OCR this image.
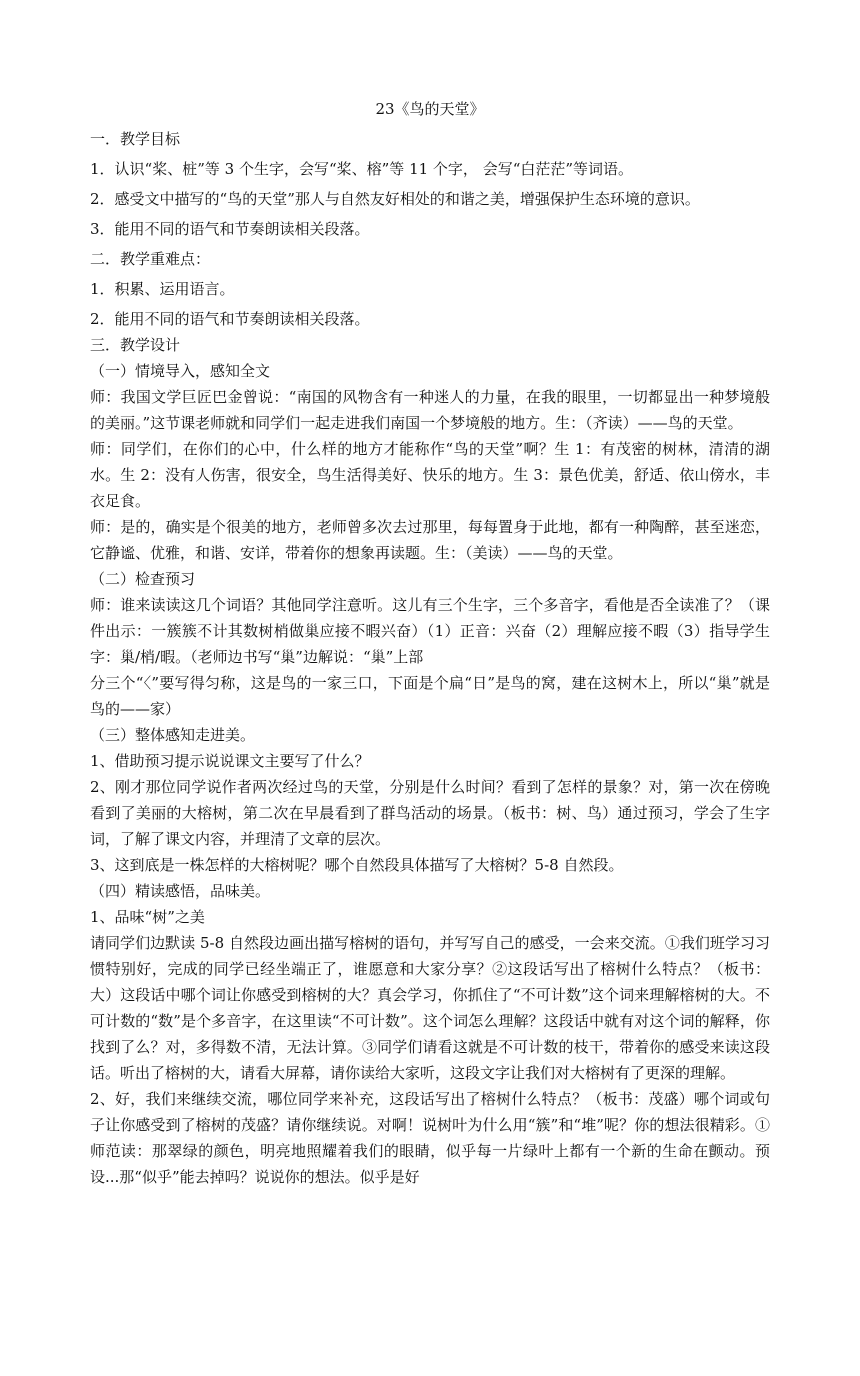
23《鸟的天堂》

一．教学目标

1．认识“桨、桩”等 3 个生字，会写“桨、榕”等 11 个字， 会写“白茫茫”等词语。

2．感受文中描写的“鸟的天堂”那人与自然友好相处的和谐之美，增强保护生态环境的意识。

3．能用不同的语气和节奏朗读相关段落。

二．教学重难点：

1．积累、运用语言。

2．能用不同的语气和节奏朗读相关段落。

三．教学设计

（一）情境导入，感知全文

师：我国文学巨匠巴金曾说：“南国的风物含有一种迷人的力量，在我的眼里，一切都显出一种梦境般的美丽。”这节课老师就和同学们一起走进我们南国一个梦境般的地方。生：（齐读）——鸟的天堂。

师：同学们，在你们的心中，什么样的地方才能称作“鸟的天堂”啊？生 1：有茂密的树林，清清的湖水。生 2：没有人伤害，很安全，鸟生活得美好、快乐的地方。生 3：景色优美，舒适、依山傍水，丰衣足食。

师：是的，确实是个很美的地方，老师曾多次去过那里，每每置身于此地，都有一种陶醉，甚至迷恋，它静谧、优雅，和谐、安详，带着你的想象再读题。生：（美读）——鸟的天堂。

（二）检查预习

师：谁来读读这几个词语？其他同学注意听。这儿有三个生字，三个多音字，看他是否全读准了？（课件出示：一簇簇不计其数树梢做巢应接不暇兴奋）（1）正音：兴奋（2）理解应接不暇（3）指导学生字：巢/梢/暇。（老师边书写“巢”边解说：“巢”上部

分三个“〈”要写得匀称，这是鸟的一家三口，下面是个扁“日”是鸟的窝，建在这树木上，所以“巢”就是鸟的——家）

（三）整体感知走进美。

1、借助预习提示说说课文主要写了什么？

2、刚才那位同学说作者两次经过鸟的天堂，分别是什么时间？看到了怎样的景象？对，第一次在傍晚看到了美丽的大榕树，第二次在早晨看到了群鸟活动的场景。（板书：树、鸟）通过预习，学会了生字词，了解了课文内容，并理清了文章的层次。

3、这到底是一株怎样的大榕树呢？哪个自然段具体描写了大榕树？5-8 自然段。

（四）精读感悟，品味美。

1、品味“树”之美

请同学们边默读 5-8 自然段边画出描写榕树的语句，并写写自己的感受，一会来交流。①我们班学习习惯特别好，完成的同学已经坐端正了，谁愿意和大家分享？②这段话写出了榕树什么特点？（板书：大）这段话中哪个词让你感受到榕树的大？真会学习，你抓住了“不可计数”这个词来理解榕树的大。不可计数的“数”是个多音字，在这里读“不可计数”。这个词怎么理解？这段话中就有对这个词的解释，你找到了么？对，多得数不清，无法计算。③同学们请看这就是不可计数的枝干，带着你的感受来读这段话。听出了榕树的大，请看大屏幕，请你读给大家听，这段文字让我们对大榕树有了更深的理解。

2、好，我们来继续交流，哪位同学来补充，这段话写出了榕树什么特点？（板书：茂盛）哪个词或句子让你感受到了榕树的茂盛？请你继续说。对啊！说树叶为什么用“簇”和“堆”呢？你的想法很精彩。①师范读：那翠绿的颜色，明亮地照耀着我们的眼睛，似乎每一片绿叶上都有一个新的生命在颤动。预设...那“似乎”能去掉吗？说说你的想法。似乎是好
